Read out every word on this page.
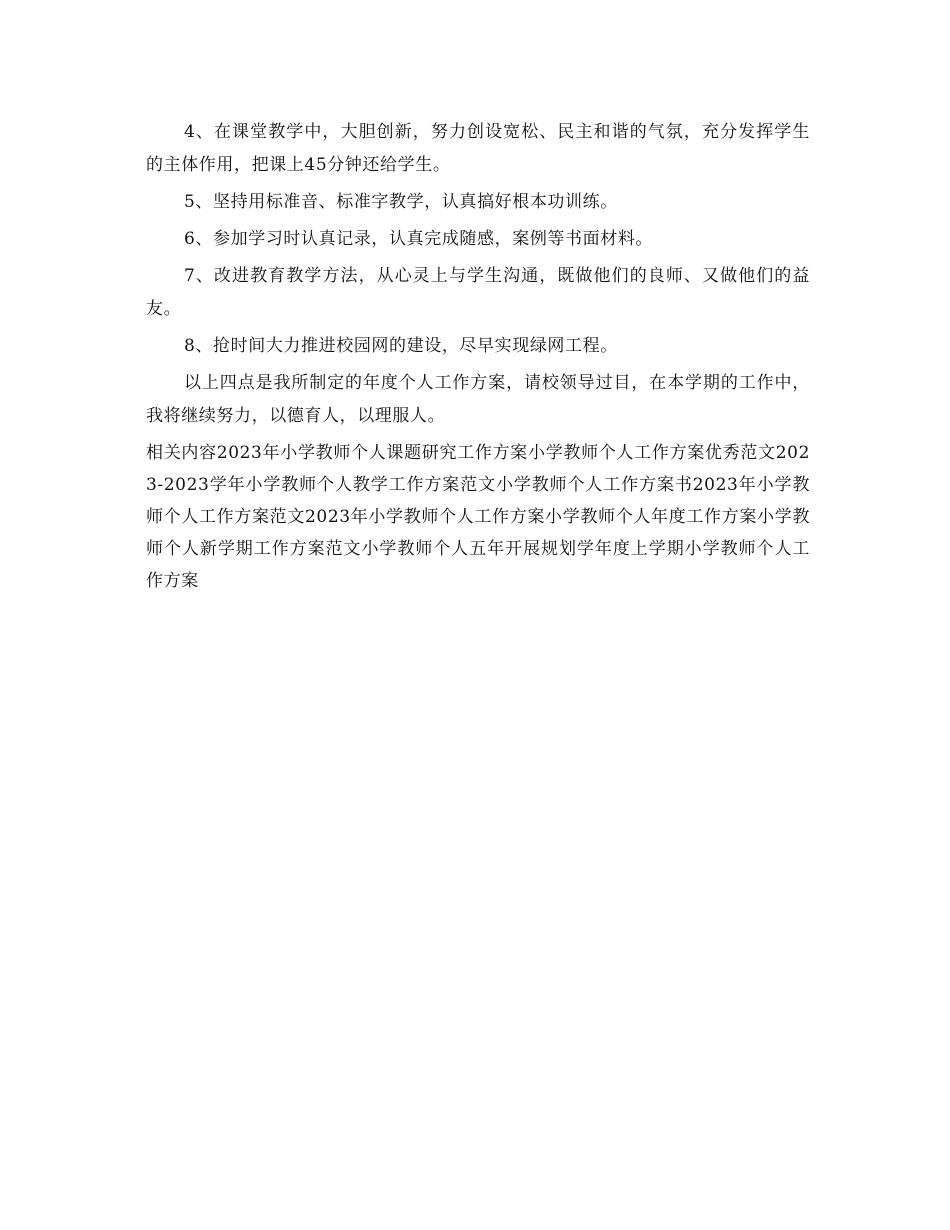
4、在课堂教学中，大胆创新，努力创设宽松、民主和谐的气氛，充分发挥学生的主体作用，把课上45分钟还给学生。

5、坚持用标准音、标准字教学，认真搞好根本功训练。

6、参加学习时认真记录，认真完成随感，案例等书面材料。

7、改进教育教学方法，从心灵上与学生沟通，既做他们的良师、又做他们的益友。

8、抢时间大力推进校园网的建设，尽早实现绿网工程。

以上四点是我所制定的年度个人工作方案，请校领导过目，在本学期的工作中，我将继续努力，以德育人，以理服人。

相关内容2023年小学教师个人课题研究工作方案小学教师个人工作方案优秀范文2023-2023学年小学教师个人教学工作方案范文小学教师个人工作方案书2023年小学教师个人工作方案范文2023年小学教师个人工作方案小学教师个人年度工作方案小学教师个人新学期工作方案范文小学教师个人五年开展规划学年度上学期小学教师个人工作方案
